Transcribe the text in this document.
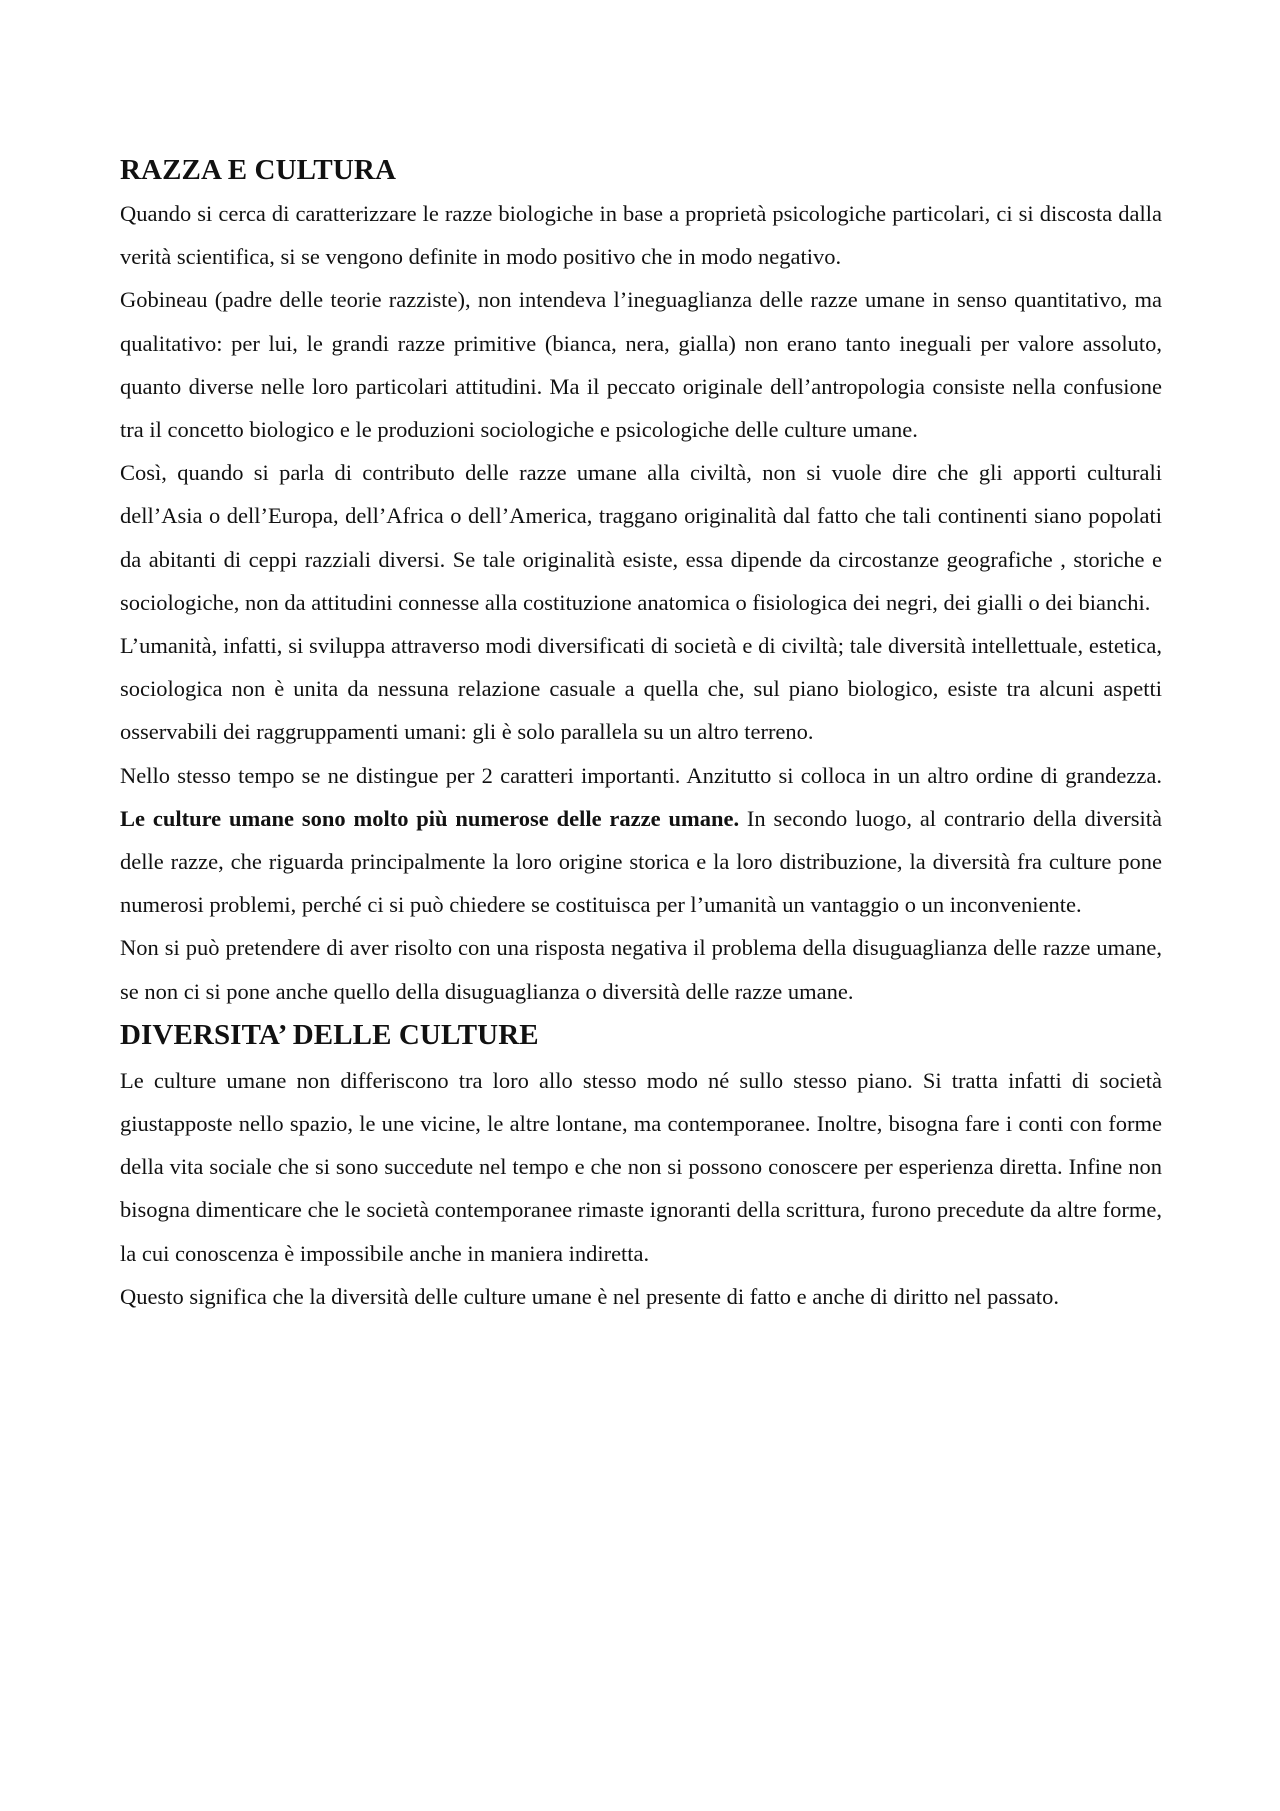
RAZZA E CULTURA

Quando si cerca di caratterizzare le razze biologiche in base a proprietà psicologiche particolari, ci si discosta dalla verità scientifica, si se vengono definite in modo positivo che in modo negativo.

Gobineau (padre delle teorie razziste), non intendeva l’ineguaglianza delle razze umane in senso quantitativo, ma qualitativo: per lui, le grandi razze primitive (bianca, nera, gialla) non erano tanto ineguali per valore assoluto, quanto diverse nelle loro particolari attitudini. Ma il peccato originale dell’antropologia consiste nella confusione tra il concetto biologico e le produzioni sociologiche e psicologiche delle culture umane.

Così, quando si parla di contributo delle razze umane alla civiltà, non si vuole dire che gli apporti culturali dell’Asia o dell’Europa, dell’Africa o dell’America, traggano originalità dal fatto che tali continenti siano popolati da abitanti di ceppi razziali diversi. Se tale originalità esiste, essa dipende da circostanze geografiche , storiche e sociologiche, non da attitudini connesse alla costituzione anatomica o fisiologica dei negri, dei gialli o dei bianchi.

L’umanità, infatti, si sviluppa attraverso modi diversificati di società e di civiltà; tale diversità intellettuale, estetica, sociologica non è unita da nessuna relazione casuale a quella che, sul piano biologico, esiste tra alcuni aspetti osservabili dei raggruppamenti umani: gli è solo parallela su un altro terreno.

Nello stesso tempo se ne distingue per 2 caratteri importanti. Anzitutto si colloca in un altro ordine di grandezza. Le culture umane sono molto più numerose delle razze umane. In secondo luogo, al contrario della diversità delle razze, che riguarda principalmente la loro origine storica e la loro distribuzione, la diversità fra culture pone numerosi problemi, perché ci si può chiedere se costituisca per l’umanità un vantaggio o un inconveniente.

Non si può pretendere di aver risolto con una risposta negativa il problema della disuguaglianza delle razze umane, se non ci si pone anche quello della disuguaglianza o diversità delle razze umane.

DIVERSITA’ DELLE CULTURE

Le culture umane non differiscono tra loro allo stesso modo né sullo stesso piano. Si tratta infatti di società giustapposte nello spazio, le une vicine, le altre lontane, ma contemporanee. Inoltre, bisogna fare i conti con forme della vita sociale che si sono succedute nel tempo e che non si possono conoscere per esperienza diretta. Infine non bisogna dimenticare che le società contemporanee rimaste ignoranti della scrittura, furono precedute da altre forme, la cui conoscenza è impossibile anche in maniera indiretta.

Questo significa che la diversità delle culture umane è nel presente di fatto e anche di diritto nel passato.
